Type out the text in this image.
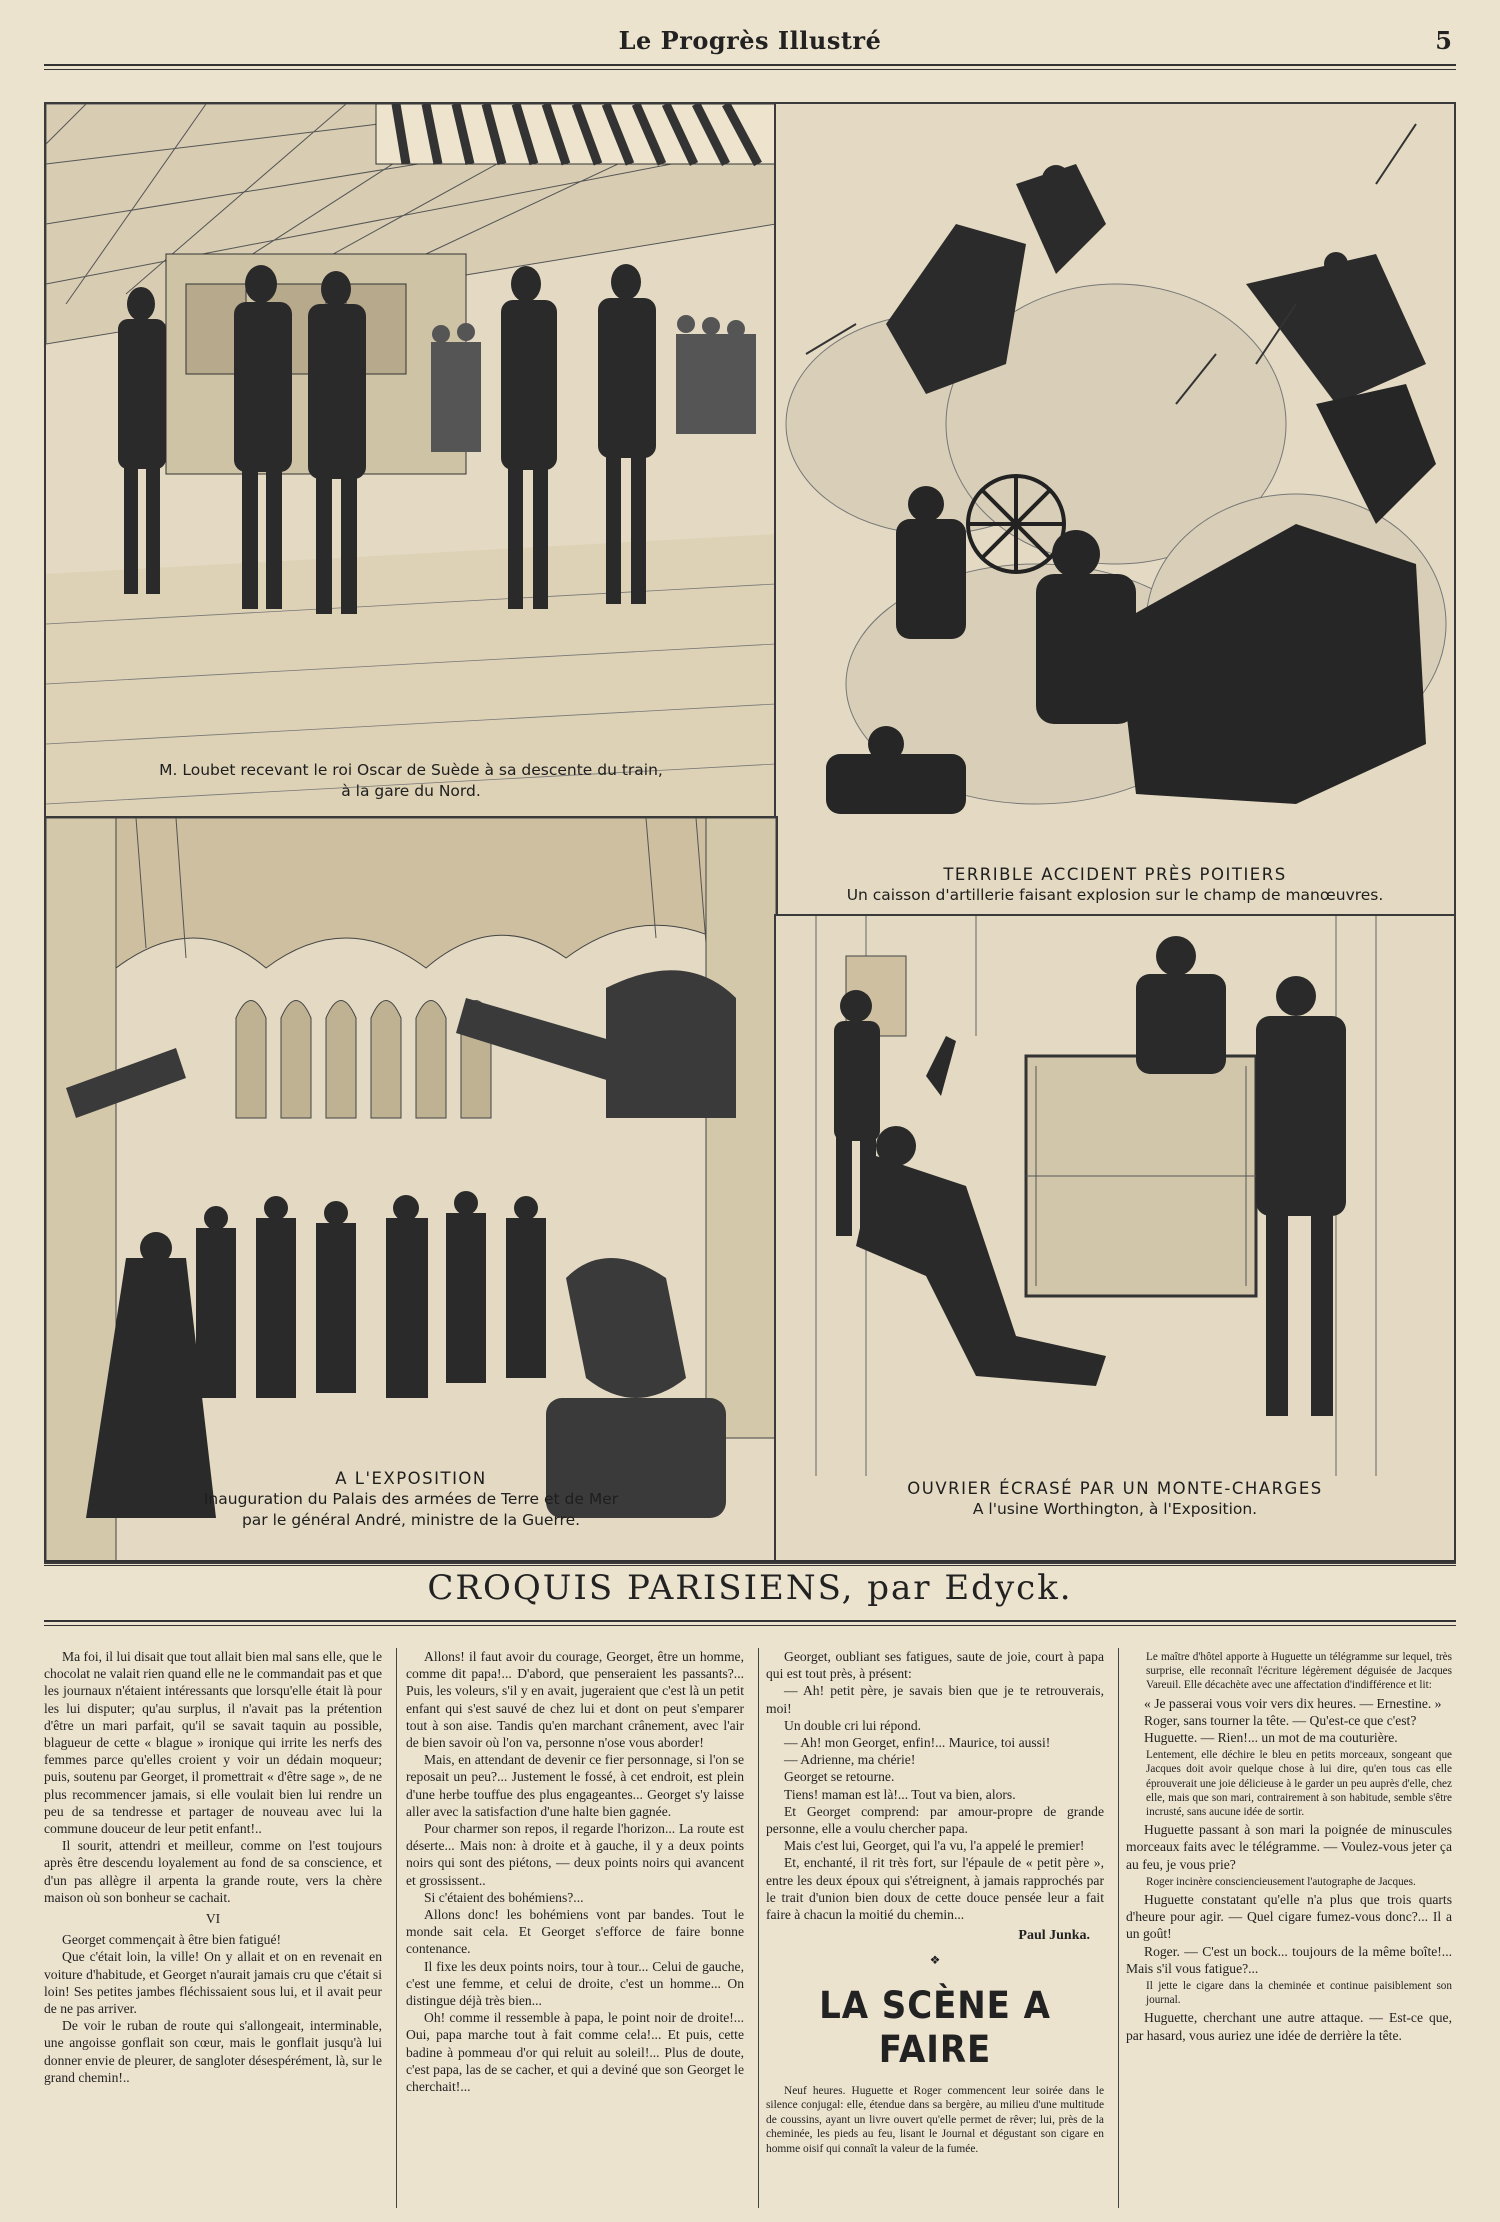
Le Progrès Illustré	5
M. Loubet recevant le roi Oscar de Suède à sa descente du train,
à la gare du Nord.
TERRIBLE ACCIDENT PRÈS POITIERS
Un caisson d'artillerie faisant explosion sur le champ de manœuvres.
A L'EXPOSITION
Inauguration du Palais des armées de Terre et de Mer
par le général André, ministre de la Guerre.
OUVRIER ÉCRASÉ PAR UN MONTE-CHARGES
A l'usine Worthington, à l'Exposition.
CROQUIS PARISIENS, par Edyck.

Ma foi, il lui disait que tout allait bien mal sans elle, que le chocolat ne valait rien quand elle ne le commandait pas et que les journaux n'étaient intéressants que lorsqu'elle était là pour les lui disputer; qu'au surplus, il n'avait pas la prétention d'être un mari parfait, qu'il se savait taquin au possible, blagueur de cette « blague » ironique qui irrite les nerfs des femmes parce qu'elles croient y voir un dédain moqueur; puis, soutenu par Georget, il promettrait « d'être sage », de ne plus recommencer jamais, si elle voulait bien lui rendre un peu de sa tendresse et partager de nouveau avec lui la commune douceur de leur petit enfant!..

Il sourit, attendri et meilleur, comme on l'est toujours après être descendu loyalement au fond de sa conscience, et d'un pas allègre il arpenta la grande route, vers la chère maison où son bonheur se cachait.

VI

Georget commençait à être bien fatigué!

Que c'était loin, la ville! On y allait et on en revenait en voiture d'habitude, et Georget n'aurait jamais cru que c'était si loin! Ses petites jambes fléchissaient sous lui, et il avait peur de ne pas arriver.

De voir le ruban de route qui s'allongeait, interminable, une angoisse gonflait son cœur, mais le gonflait jusqu'à lui donner envie de pleurer, de sangloter désespérément, là, sur le grand chemin!..

Allons! il faut avoir du courage, Georget, être un homme, comme dit papa!... D'abord, que penseraient les passants?... Puis, les voleurs, s'il y en avait, jugeraient que c'est là un petit enfant qui s'est sauvé de chez lui et dont on peut s'emparer tout à son aise. Tandis qu'en marchant crânement, avec l'air de bien savoir où l'on va, personne n'ose vous aborder!

Mais, en attendant de devenir ce fier personnage, si l'on se reposait un peu?... Justement le fossé, à cet endroit, est plein d'une herbe touffue des plus engageantes... Georget s'y laisse aller avec la satisfaction d'une halte bien gagnée.

Pour charmer son repos, il regarde l'horizon... La route est déserte... Mais non: à droite et à gauche, il y a deux points noirs qui sont des piétons, — deux points noirs qui avancent et grossissent..

Si c'étaient des bohémiens?...

Allons donc! les bohémiens vont par bandes. Tout le monde sait cela. Et Georget s'efforce de faire bonne contenance.

Il fixe les deux points noirs, tour à tour... Celui de gauche, c'est une femme, et celui de droite, c'est un homme... On distingue déjà très bien...

Oh! comme il ressemble à papa, le point noir de droite!... Oui, papa marche tout à fait comme cela!... Et puis, cette badine à pommeau d'or qui reluit au soleil!... Plus de doute, c'est papa, las de se cacher, et qui a deviné que son Georget le cherchait!...

Georget, oubliant ses fatigues, saute de joie, court à papa qui est tout près, à présent:

— Ah! petit père, je savais bien que je te retrouverais, moi!

Un double cri lui répond.

— Ah! mon Georget, enfin!... Maurice, toi aussi!

— Adrienne, ma chérie!

Georget se retourne.

Tiens! maman est là!... Tout va bien, alors.

Et Georget comprend: par amour-propre de grande personne, elle a voulu chercher papa.

Mais c'est lui, Georget, qui l'a vu, l'a appelé le premier!

Et, enchanté, il rit très fort, sur l'épaule de « petit père », entre les deux époux qui s'étreignent, à jamais rapprochés par le trait d'union bien doux de cette douce pensée leur a fait faire à chacun la moitié du chemin...

Paul Junka.
❖
LA SCÈNE A FAIRE

Neuf heures. Huguette et Roger commencent leur soirée dans le silence conjugal: elle, étendue dans sa bergère, au milieu d'une multitude de coussins, ayant un livre ouvert qu'elle permet de rêver; lui, près de la cheminée, les pieds au feu, lisant le Journal et dégustant son cigare en homme oisif qui connaît la valeur de la fumée.

Le maître d'hôtel apporte à Huguette un télégramme sur lequel, très surprise, elle reconnaît l'écriture légèrement déguisée de Jacques Vareuil. Elle décachète avec une affectation d'indifférence et lit:

« Je passerai vous voir vers dix heures. — Ernestine. »

Roger, sans tourner la tête. — Qu'est-ce que c'est?

Huguette. — Rien!... un mot de ma couturière.

Lentement, elle déchire le bleu en petits morceaux, songeant que Jacques doit avoir quelque chose à lui dire, qu'en tous cas elle éprouverait une joie délicieuse à le garder un peu auprès d'elle, chez elle, mais que son mari, contrairement à son habitude, semble s'être incrusté, sans aucune idée de sortir.

Huguette passant à son mari la poignée de minuscules morceaux faits avec le télégramme. — Voulez-vous jeter ça au feu, je vous prie?

Roger incinère consciencieusement l'autographe de Jacques.

Huguette constatant qu'elle n'a plus que trois quarts d'heure pour agir. — Quel cigare fumez-vous donc?... Il a un goût!

Roger. — C'est un bock... toujours de la même boîte!... Mais s'il vous fatigue?...

Il jette le cigare dans la cheminée et continue paisiblement son journal.

Huguette, cherchant une autre attaque. — Est-ce que, par hasard, vous auriez une idée de derrière la tête.
